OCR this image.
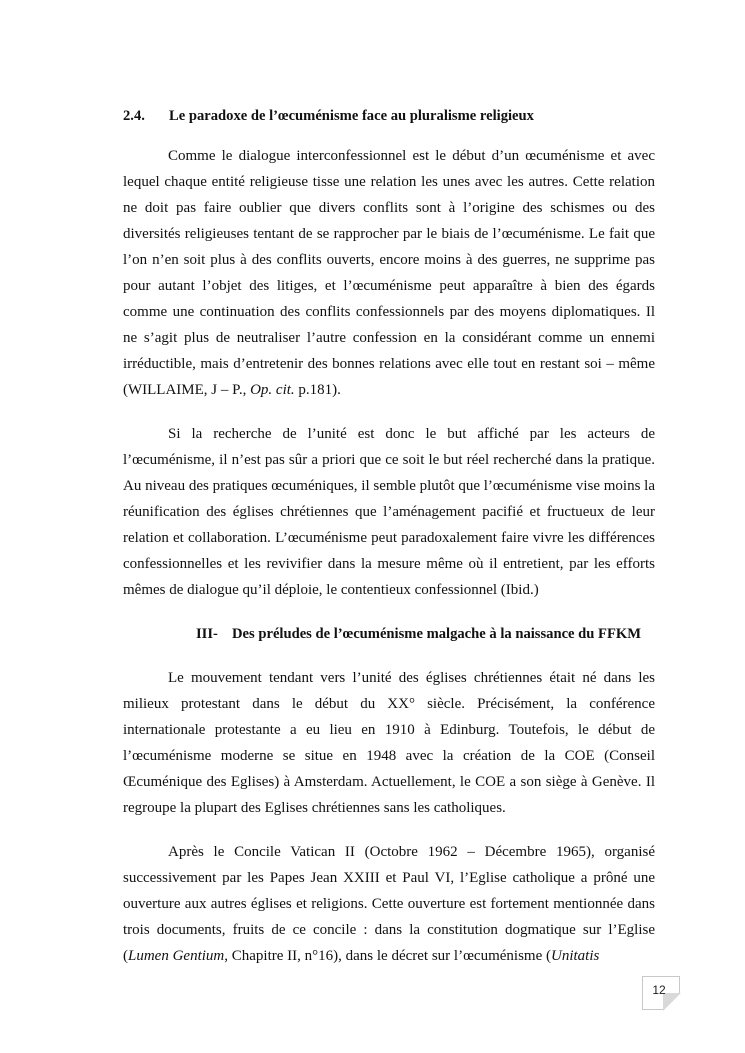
2.4. Le paradoxe de l’œcuménisme face au pluralisme religieux

Comme le dialogue interconfessionnel est le début d’un œcuménisme et avec lequel chaque entité religieuse tisse une relation les unes avec les autres. Cette relation ne doit pas faire oublier que divers conflits sont à l’origine des schismes ou des diversités religieuses tentant de se rapprocher par le biais de l’œcuménisme. Le fait que l’on n’en soit plus à des conflits ouverts, encore moins à des guerres, ne supprime pas pour autant l’objet des litiges, et l’œcuménisme peut apparaître à bien des égards comme une continuation des conflits confessionnels par des moyens diplomatiques. Il ne s’agit plus de neutraliser l’autre confession en la considérant comme un ennemi irréductible, mais d’entretenir des bonnes relations avec elle tout en restant soi – même (WILLAIME, J – P., Op. cit. p.181).

Si la recherche de l’unité est donc le but affiché par les acteurs de l’œcuménisme, il n’est pas sûr a priori que ce soit le but réel recherché dans la pratique. Au niveau des pratiques œcuméniques, il semble plutôt que l’œcuménisme vise moins la réunification des églises chrétiennes que l’aménagement pacifié et fructueux de leur relation et collaboration. L’œcuménisme peut paradoxalement faire vivre les différences confessionnelles et les revivifier dans la mesure même où il entretient, par les efforts mêmes de dialogue qu’il déploie, le contentieux confessionnel (Ibid.)

III- Des préludes de l’œcuménisme malgache à la naissance du FFKM

Le mouvement tendant vers l’unité des églises chrétiennes était né dans les milieux protestant dans le début du XX° siècle. Précisément, la conférence internationale protestante a eu lieu en 1910 à Edinburg. Toutefois, le début de l’œcuménisme moderne se situe en 1948 avec la création de la COE (Conseil Œcuménique des Eglises) à Amsterdam. Actuellement, le COE a son siège à Genève. Il regroupe la plupart des Eglises chrétiennes sans les catholiques.

Après le Concile Vatican II (Octobre 1962 – Décembre 1965), organisé successivement par les Papes Jean XXIII et Paul VI, l’Eglise catholique a prôné une ouverture aux autres églises et religions. Cette ouverture est fortement mentionnée dans trois documents, fruits de ce concile : dans la constitution dogmatique sur l’Eglise (Lumen Gentium, Chapitre II, n°16), dans le décret sur l’œcuménisme (Unitatis

12
